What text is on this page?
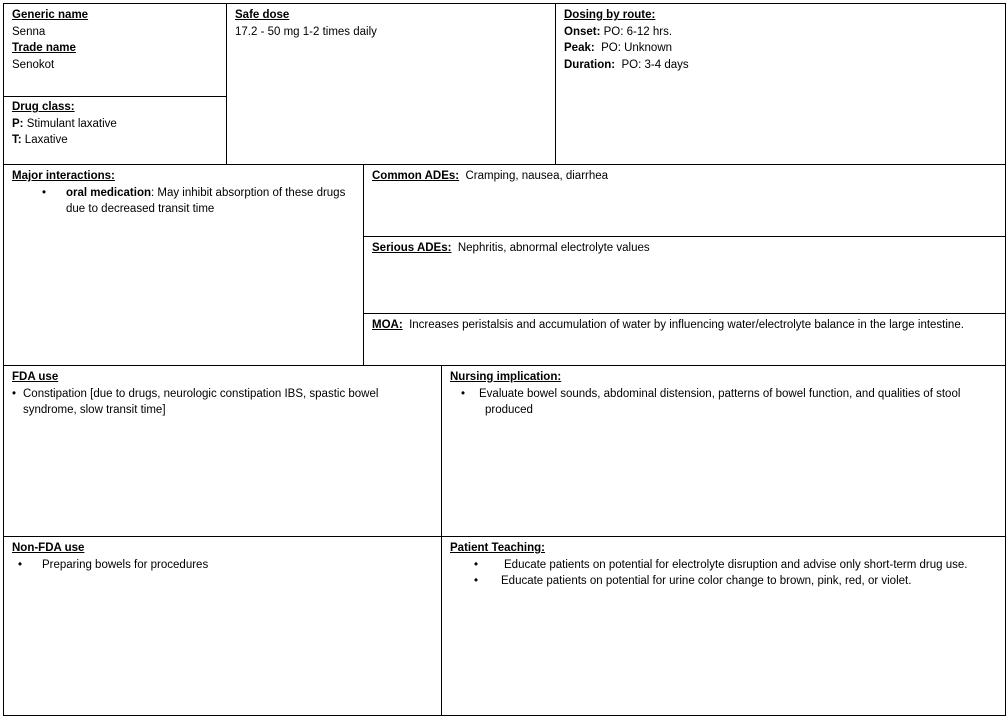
Generic name
Senna
Trade name
Senokot
Drug class:
P: Stimulant laxative
T: Laxative
Safe dose
17.2 - 50 mg 1-2 times daily
Dosing by route:
Onset: PO: 6-12 hrs.
Peak: PO: Unknown
Duration: PO: 3-4 days
Major interactions:
• oral medication: May inhibit absorption of these drugs due to decreased transit time
Common ADEs: Cramping, nausea, diarrhea
Serious ADEs: Nephritis, abnormal electrolyte values
MOA: Increases peristalsis and accumulation of water by influencing water/electrolyte balance in the large intestine.
FDA use
• Constipation [due to drugs, neurologic constipation IBS, spastic bowel syndrome, slow transit time]
Nursing implication:
• Evaluate bowel sounds, abdominal distension, patterns of bowel function, and qualities of stool produced
Non-FDA use
• Preparing bowels for procedures
Patient Teaching:
• Educate patients on potential for electrolyte disruption and advise only short-term drug use.
• Educate patients on potential for urine color change to brown, pink, red, or violet.
